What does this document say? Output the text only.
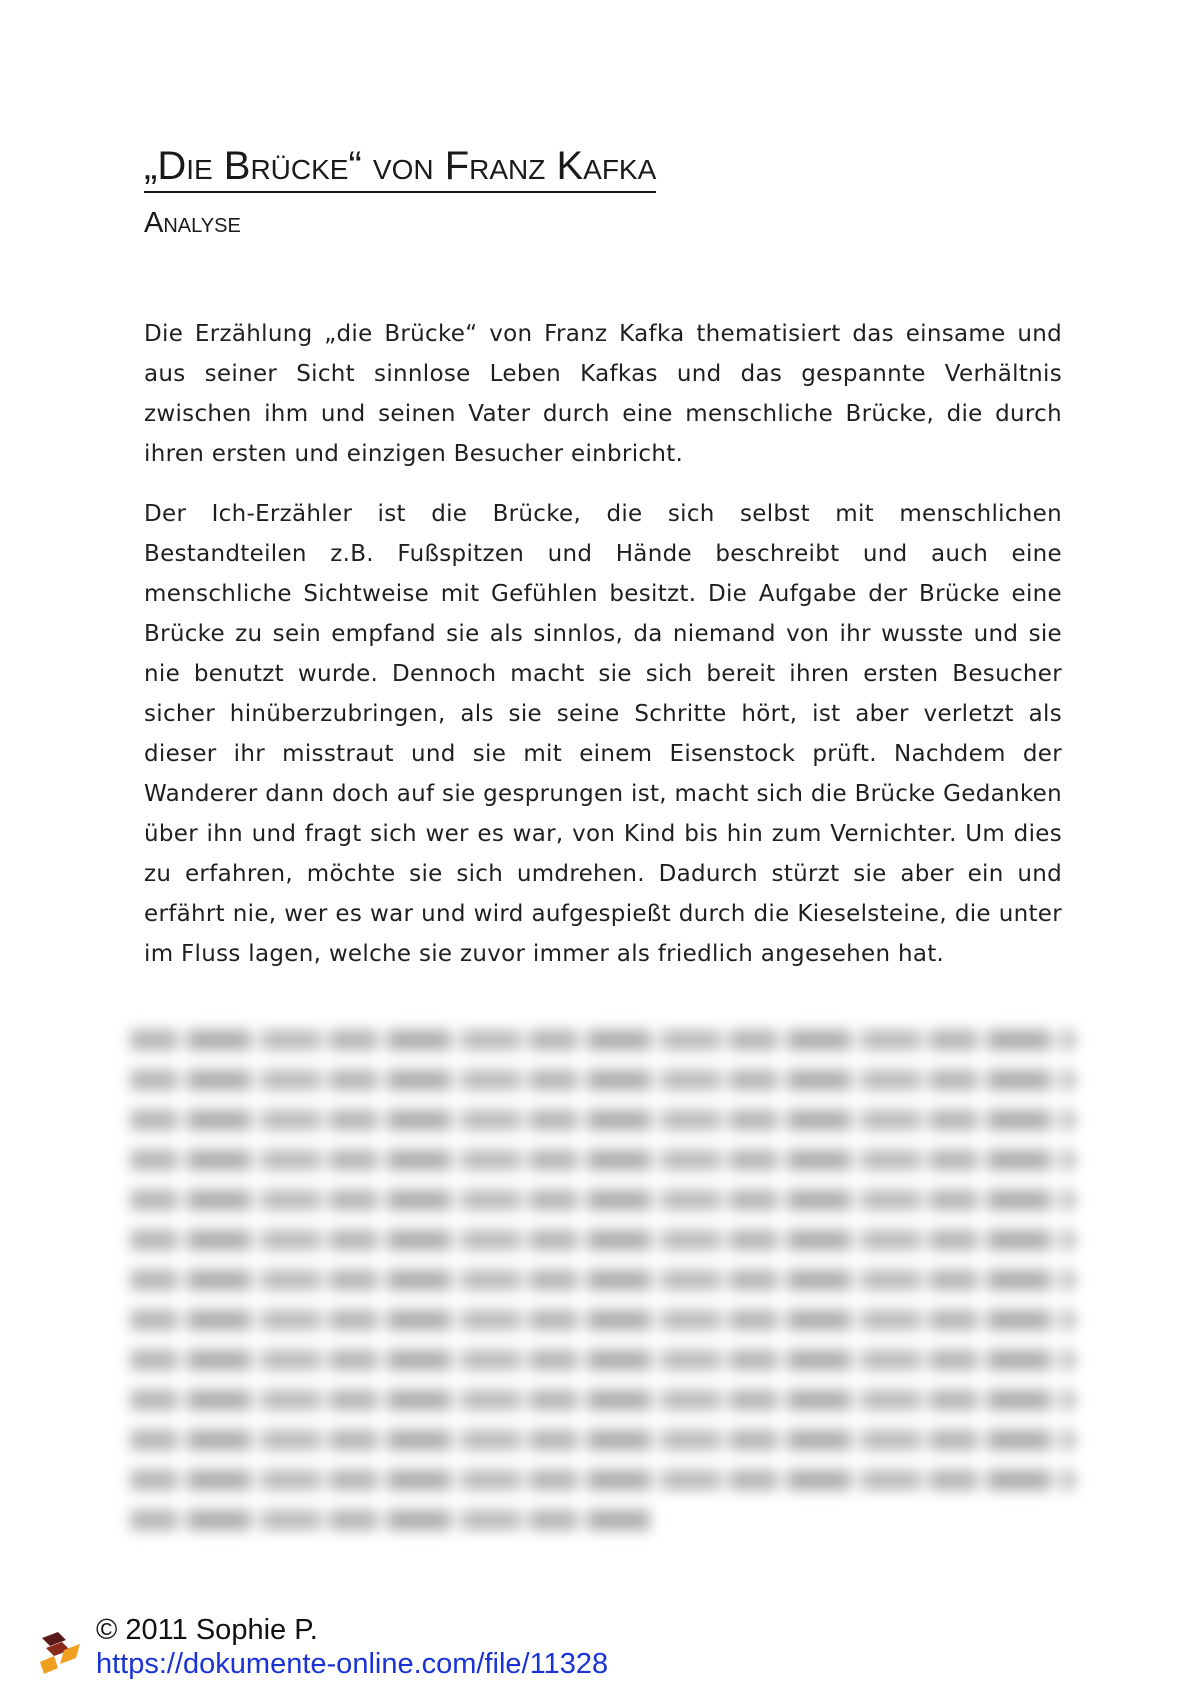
„Die Brücke“ von Franz Kafka
Analyse

Die Erzählung „die Brücke“ von Franz Kafka thematisiert das einsame und aus seiner Sicht sinnlose Leben Kafkas und das gespannte Verhältnis zwischen ihm und seinen Vater durch eine menschliche Brücke, die durch ihren ersten und einzigen Besucher einbricht.

Der Ich-Erzähler ist die Brücke, die sich selbst mit menschlichen Bestandteilen z.B. Fußspitzen und Hände beschreibt und auch eine menschliche Sichtweise mit Gefühlen besitzt. Die Aufgabe der Brücke eine Brücke zu sein empfand sie als sinnlos, da niemand von ihr wusste und sie nie benutzt wurde. Dennoch macht sie sich bereit ihren ersten Besucher sicher hinüberzubringen, als sie seine Schritte hört, ist aber verletzt als dieser ihr misstraut und sie mit einem Eisenstock prüft. Nachdem der Wanderer dann doch auf sie gesprungen ist, macht sich die Brücke Gedanken über ihn und fragt sich wer es war, von Kind bis hin zum Vernichter. Um dies zu erfahren, möchte sie sich umdrehen. Dadurch stürzt sie aber ein und erfährt nie, wer es war und wird aufgespießt durch die Kieselsteine, die unter im Fluss lagen, welche sie zuvor immer als friedlich angesehen hat.

© 2011 Sophie P.
https://dokumente-online.com/file/11328
